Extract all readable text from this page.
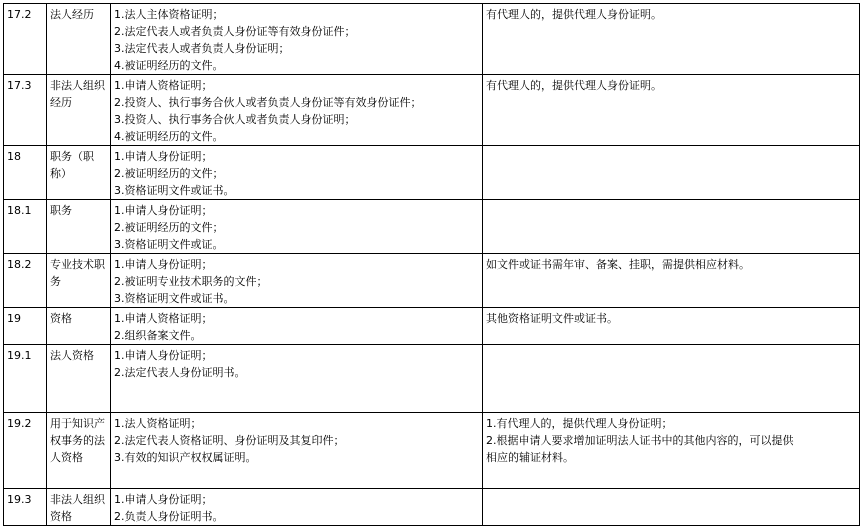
17.2	法人经历	1.法人主体资格证明；
2.法定代表人或者负责人身份证等有效身份证件；
3.法定代表人或者负责人身份证明；
4.被证明经历的文件。	有代理人的，提供代理人身份证明。

17.3	非法人组织经历	1.申请人资格证明；
2.投资人、执行事务合伙人或者负责人身份证等有效身份证件；
3.投资人、执行事务合伙人或者负责人身份证明；
4.被证明经历的文件。	有代理人的，提供代理人身份证明。

18	职务（职称）	1.申请人身份证明；
2.被证明经历的文件；
3.资格证明文件或证书。	

18.1	职务	1.申请人身份证明；
2.被证明经历的文件；
3.资格证明文件或证。	

18.2	专业技术职务	1.申请人身份证明；
2.被证明专业技术职务的文件；
3.资格证明文件或证书。	如文件或证书需年审、备案、挂职，需提供相应材料。

19	资格	1.申请人资格证明；
2.组织备案文件。	其他资格证明文件或证书。

19.1	法人资格	1.申请人身份证明；
2.法定代表人身份证明书。	

19.2	用于知识产权事务的法人资格	1.法人资格证明；
2.法定代表人资格证明、身份证明及其复印件；
3.有效的知识产权权属证明。	1.有代理人的，提供代理人身份证明；
2.根据申请人要求增加证明法人证书中的其他内容的，可以提供
相应的辅证材料。

19.3	非法人组织资格	1.申请人身份证明；
2.负责人身份证明书。	
